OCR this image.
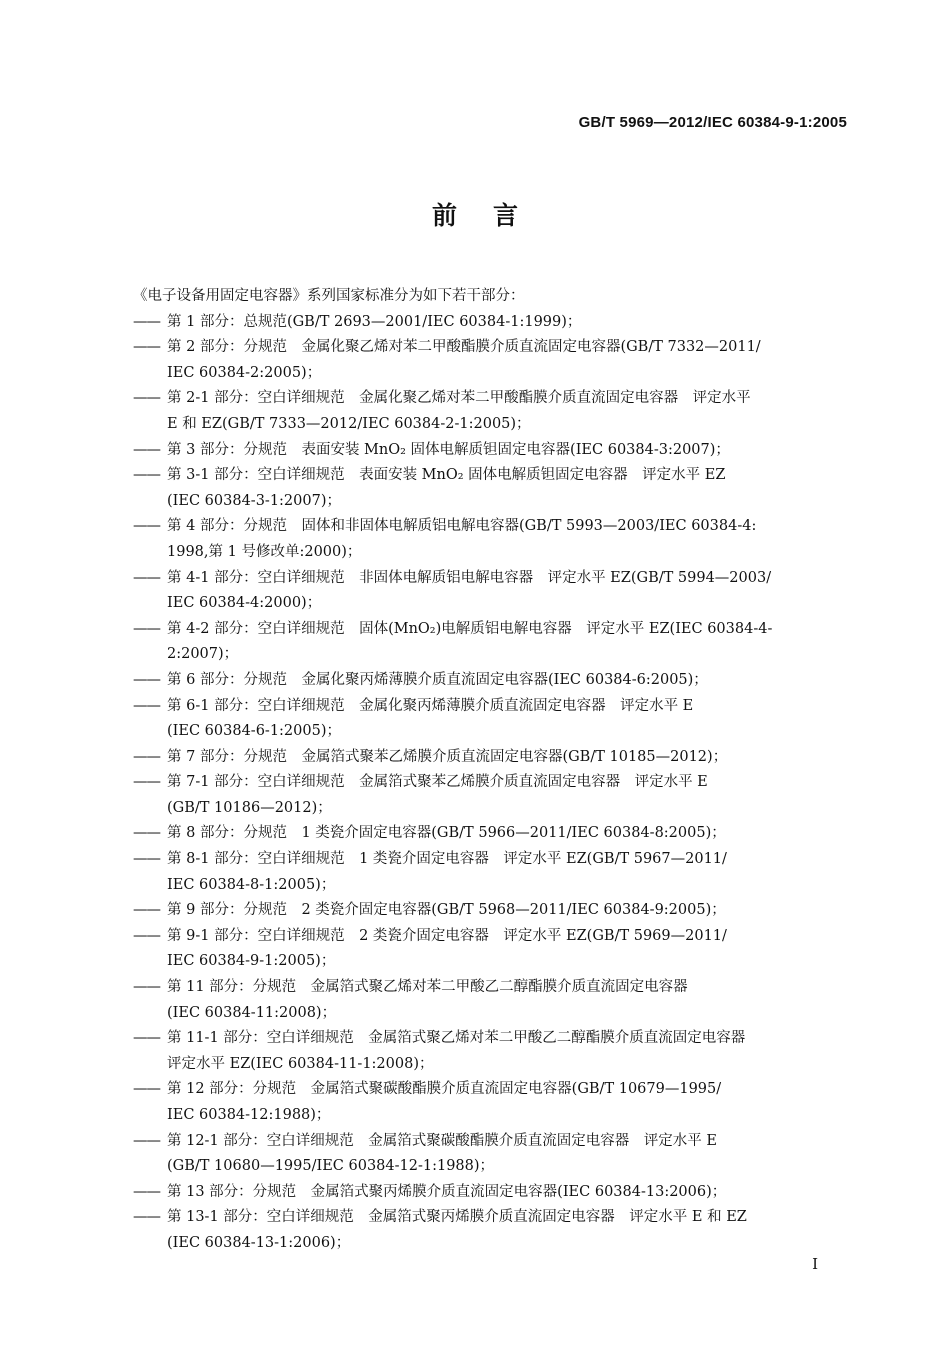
GB/T 5969—2012/IEC 60384-9-1:2005
前言

《电子设备用固定电容器》系列国家标准分为如下若干部分：

—— 第 1 部分：总规范(GB/T 2693—2001/IEC 60384-1:1999)；

—— 第 2 部分：分规范　金属化聚乙烯对苯二甲酸酯膜介质直流固定电容器(GB/T 7332—2011/
IEC 60384-2:2005)；

—— 第 2-1 部分：空白详细规范　金属化聚乙烯对苯二甲酸酯膜介质直流固定电容器　评定水平
E 和 EZ(GB/T 7333—2012/IEC 60384-2-1:2005)；

—— 第 3 部分：分规范　表面安装 MnO₂ 固体电解质钽固定电容器(IEC 60384-3:2007)；

—— 第 3-1 部分：空白详细规范　表面安装 MnO₂ 固体电解质钽固定电容器　评定水平 EZ
(IEC 60384-3-1:2007)；

—— 第 4 部分：分规范　固体和非固体电解质铝电解电容器(GB/T 5993—2003/IEC 60384-4:
1998,第 1 号修改单:2000)；

—— 第 4-1 部分：空白详细规范　非固体电解质铝电解电容器　评定水平 EZ(GB/T 5994—2003/
IEC 60384-4:2000)；

—— 第 4-2 部分：空白详细规范　固体(MnO₂)电解质铝电解电容器　评定水平 EZ(IEC 60384-4-
2:2007)；

—— 第 6 部分：分规范　金属化聚丙烯薄膜介质直流固定电容器(IEC 60384-6:2005)；

—— 第 6-1 部分：空白详细规范　金属化聚丙烯薄膜介质直流固定电容器　评定水平 E
(IEC 60384-6-1:2005)；

—— 第 7 部分：分规范　金属箔式聚苯乙烯膜介质直流固定电容器(GB/T 10185—2012)；

—— 第 7-1 部分：空白详细规范　金属箔式聚苯乙烯膜介质直流固定电容器　评定水平 E
(GB/T 10186—2012)；

—— 第 8 部分：分规范　1 类瓷介固定电容器(GB/T 5966—2011/IEC 60384-8:2005)；

—— 第 8-1 部分：空白详细规范　1 类瓷介固定电容器　评定水平 EZ(GB/T 5967—2011/
IEC 60384-8-1:2005)；

—— 第 9 部分：分规范　2 类瓷介固定电容器(GB/T 5968—2011/IEC 60384-9:2005)；

—— 第 9-1 部分：空白详细规范　2 类瓷介固定电容器　评定水平 EZ(GB/T 5969—2011/
IEC 60384-9-1:2005)；

—— 第 11 部分：分规范　金属箔式聚乙烯对苯二甲酸乙二醇酯膜介质直流固定电容器
(IEC 60384-11:2008)；

—— 第 11-1 部分：空白详细规范　金属箔式聚乙烯对苯二甲酸乙二醇酯膜介质直流固定电容器
评定水平 EZ(IEC 60384-11-1:2008)；

—— 第 12 部分：分规范　金属箔式聚碳酸酯膜介质直流固定电容器(GB/T 10679—1995/
IEC 60384-12:1988)；

—— 第 12-1 部分：空白详细规范　金属箔式聚碳酸酯膜介质直流固定电容器　评定水平 E
(GB/T 10680—1995/IEC 60384-12-1:1988)；

—— 第 13 部分：分规范　金属箔式聚丙烯膜介质直流固定电容器(IEC 60384-13:2006)；

—— 第 13-1 部分：空白详细规范　金属箔式聚丙烯膜介质直流固定电容器　评定水平 E 和 EZ
(IEC 60384-13-1:2006)；

I
